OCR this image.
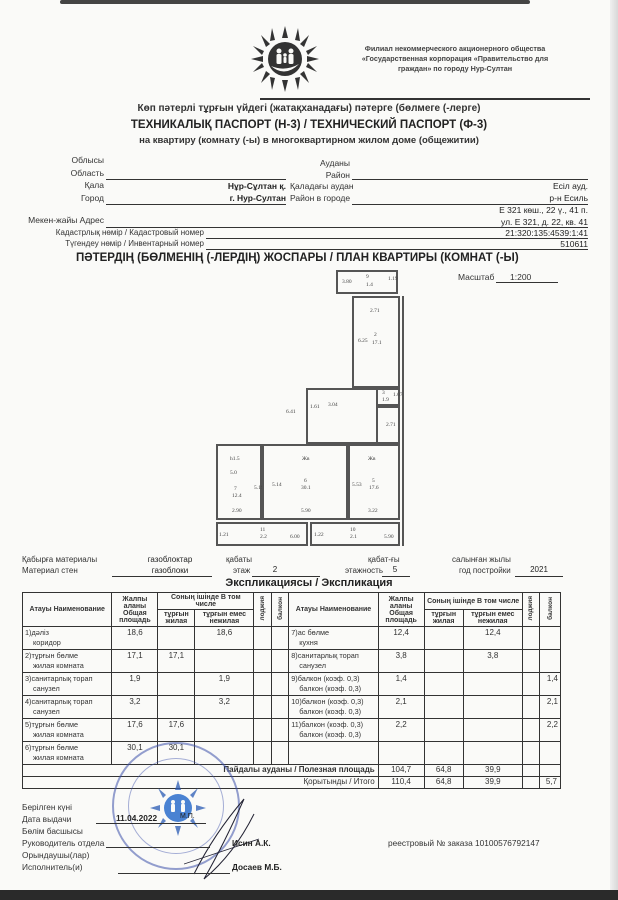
Филиал некоммерческого акционерного общества
«Государственная корпорация «Правительство для
граждан» по городу Нур-Султан
Көп пәтерлі тұрғын үйдегі (жатақханадағы) пәтерге (бөлмеге (-лерге)
ТЕХНИКАЛЫҚ ПАСПОРТ (Н-3) / ТЕХНИЧЕСКИЙ ПАСПОРТ (Ф-3)
на квартиру (комнату (-ы) в многоквартирном жилом доме (общежитии)
Облысы
Область
Ауданы
Район
Қала
Город
Нұр-Сұлтан қ.
г. Нур-Султан
Қаладағы аудан
Район в городе
Есіл ауд.
р-н Есиль
Мекен-жайы Адрес
Е 321 көш., 22 ү., 41 п.
ул. Е 321, д. 22, кв. 41
Кадастрлық нөмір / Кадастровый номер	21:320:135:4539:1:41
Түгендеу нөмір / Инвентарный номер	510611
ПӘТЕРДІҢ (БӨЛМЕНІҢ (-ЛЕРДІҢ) ЖОСПАРЫ / ПЛАН КВАРТИРЫ (КОМНАТ (-Ы)
Масштаб 1:200
3.80
9
1.4
1.19
2.71
2
17.1
6.25
3
1.9
1.07
3.04
1.61
6.41
2.71
h1.5
5.0
7
12.4
2.90
5.19
Жв
6
30.1
5.90
5.14
Жв
5
17.6
3.22
5.53
1.21
11
2.2	6.00	1.22
10
2.1	5.90
Қабырға материалы
Материал стен
газоблоктар
газоблоки
қабаты
этаж	2
қабат-ғы
этажность	5
салынған жылы
год постройки	2021
Экспликациясы / Экспликация
Атауы Наименование	Жалпы аланы Общая площадь	Соның ішінде В том числе		лоджия	балкон	Атауы Наименование	Жалпы аланы Общая площадь	Соның ішінде В том числе		лоджия	балкон
		тұрғын жилая	тұрғын емес нежилая					тұрғын жилая	тұрғын емес нежилая		

1)дәліз
коридор
	18,6		18,6			7)ас бөлме
кухня
	12,4		12,4		

2)тұрғын бөлме
жилая комната
	17,1	17,1				8)санитарлық торап
санузел
	3,8		3,8		

3)санитарлық торап
санузел
	1,9		1,9			9)балкон (коэф. 0,3)
балкон (коэф. 0,3)
	1,4				1,4

4)санитарлық торап
санузел
	3,2		3,2			10)балкон (коэф. 0,3)
балкон (коэф. 0,3)
	2,1				2,1

5)тұрғын бөлме
жилая комната
	17,6	17,6				11)балкон (коэф. 0,3)
балкон (коэф. 0,3)
	2,2				2,2

6)тұрғын бөлме
жилая комната	30,1	30,1				

Пайдалы ауданы / Полезная площадь							104,7	64,8	39,9		
Қорытынды / Итого							110,4	64,8	39,9		5,7
Берілген күні
Дата выдачи	11.04.2022	М.П.
Бөлім басшысы
Руководитель отдела	Исин А.К.	реестровый № заказа 10100576792147
Орындаушы(лар)
Исполнитель(и)	Досаев М.Б.
